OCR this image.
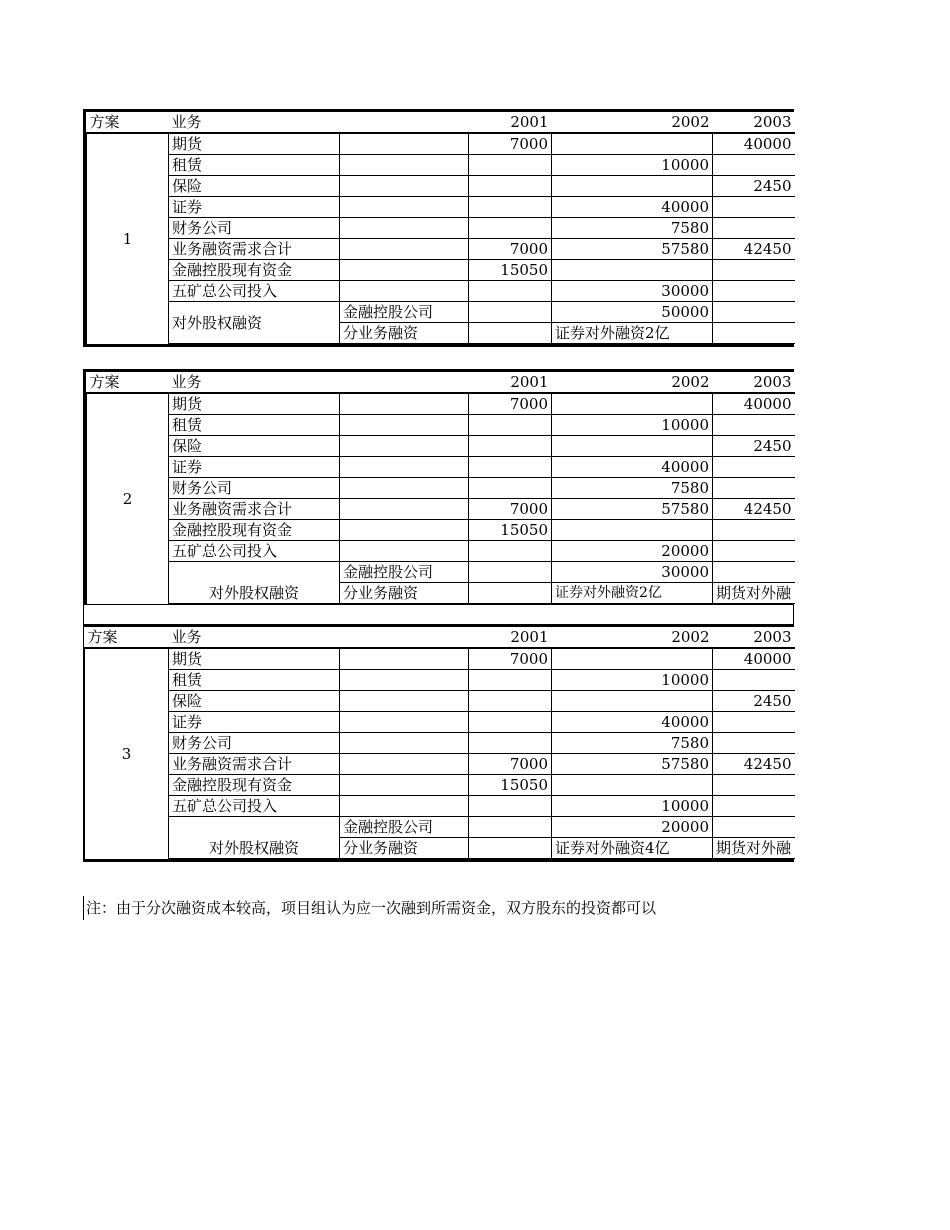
方案	业务		2001	2002	2003
1	期货		7000		40000
	租赁			10000	
	保险				2450
	证券			40000	
	财务公司			7580	
	业务融资需求合计		7000	57580	42450
	金融控股现有资金		15050		
	五矿总公司投入			30000	
	对外股权融资	金融控股公司		50000	
		分业务融资		证券对外融资2亿	
方案	业务		2001	2002	2003
2	期货		7000		40000
	租赁			10000	
	保险				2450
	证券			40000	
	财务公司			7580	
	业务融资需求合计		7000	57580	42450
	金融控股现有资金		15050		
	五矿总公司投入			20000	
	对外股权融资	金融控股公司		30000	
		分业务融资		证券对外融资2亿	期货对外融
方案	业务		2001	2002	2003
3	期货		7000		40000
	租赁			10000	
	保险				2450
	证券			40000	
	财务公司			7580	
	业务融资需求合计		7000	57580	42450
	金融控股现有资金		15050		
	五矿总公司投入			10000	
	对外股权融资	金融控股公司		20000	
		分业务融资		证券对外融资4亿	期货对外融
注：由于分次融资成本较高，项目组认为应一次融到所需资金，双方股东的投资都可以
